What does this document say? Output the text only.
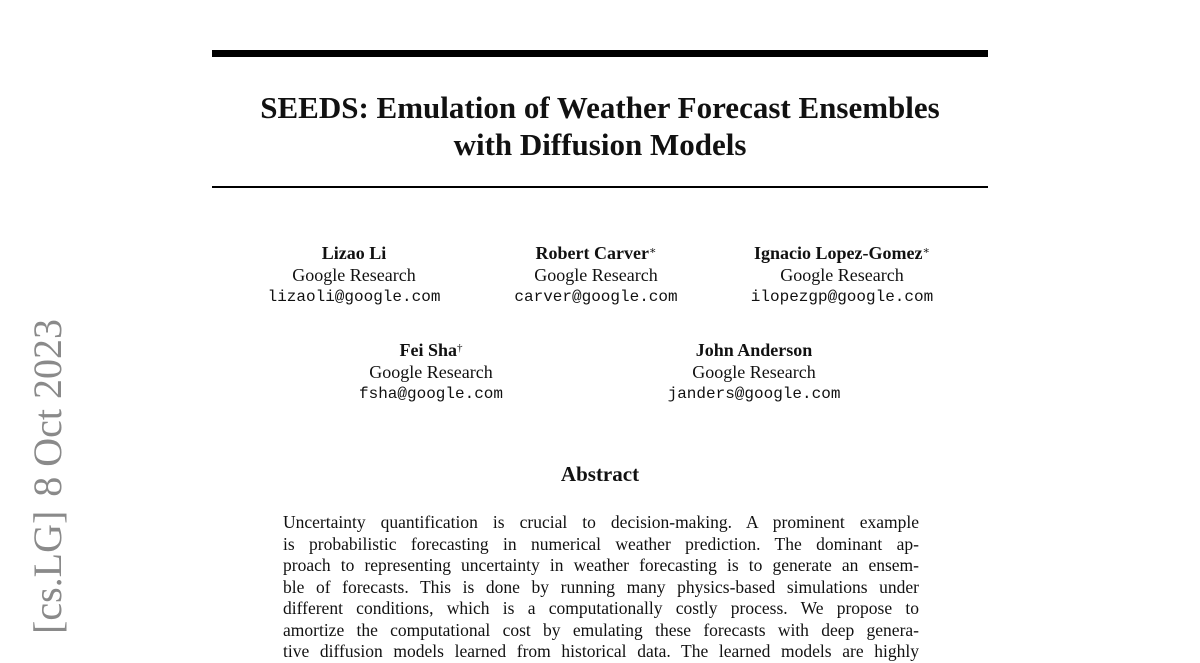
SEEDS: Emulation of Weather Forecast Ensembles
with Diffusion Models
Lizao Li
Google Research
lizaoli@google.com
Robert Carver∗
Google Research
carver@google.com
Ignacio Lopez-Gomez∗
Google Research
ilopezgp@google.com
Fei Sha†
Google Research
fsha@google.com
John Anderson
Google Research
janders@google.com
Abstract
Uncertainty quantification is crucial to decision-making. A prominent example
is probabilistic forecasting in numerical weather prediction. The dominant ap-
proach to representing uncertainty in weather forecasting is to generate an ensem-
ble of forecasts. This is done by running many physics-based simulations under
different conditions, which is a computationally costly process. We propose to
amortize the computational cost by emulating these forecasts with deep genera-
tive diffusion models learned from historical data. The learned models are highly
[cs.LG]8 Oct 2023
